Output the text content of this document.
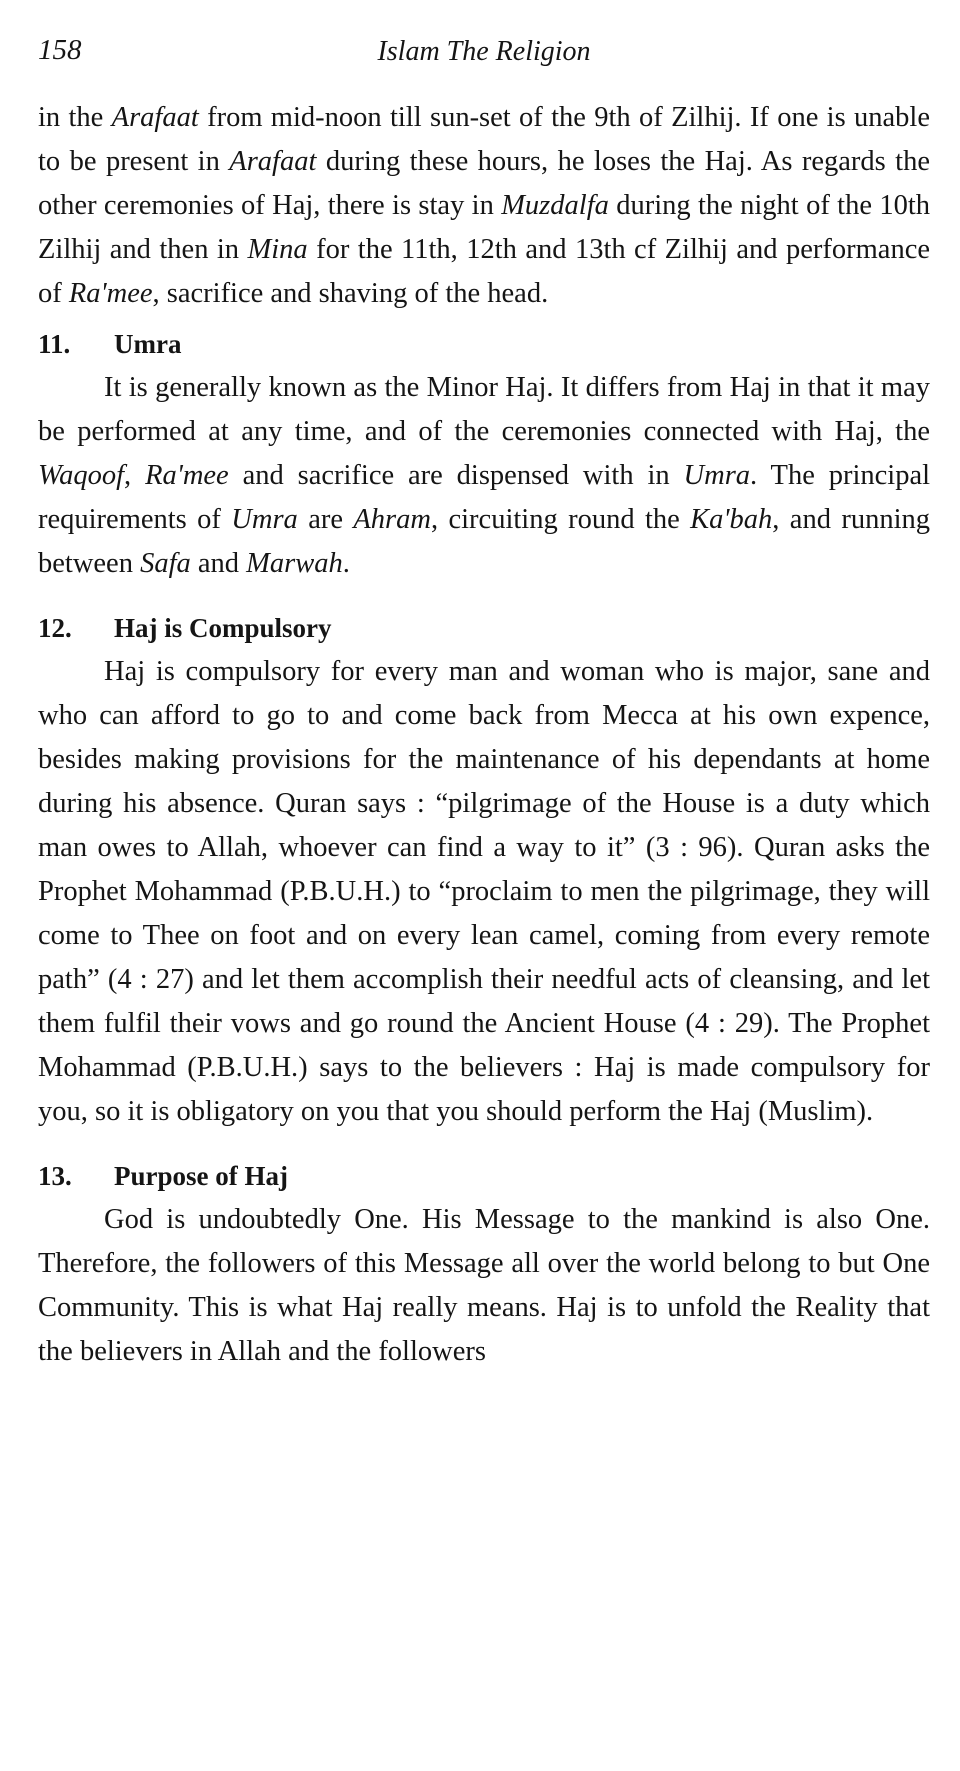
158	Islam The Religion

in the Arafaat from mid-noon till sun-set of the 9th of Zilhij. If one is unable to be present in Arafaat during these hours, he loses the Haj. As regards the other ceremonies of Haj, there is stay in Muzdalfa during the night of the 10th Zilhij and then in Mina for the 11th, 12th and 13th cf Zilhij and performance of Ra'mee, sacrifice and shaving of the head.

11. Umra

It is generally known as the Minor Haj. It differs from Haj in that it may be performed at any time, and of the ceremonies connected with Haj, the Waqoof, Ra'mee and sacrifice are dispensed with in Umra. The principal requirements of Umra are Ahram, circuiting round the Ka'bah, and running between Safa and Marwah.

12. Haj is Compulsory

Haj is compulsory for every man and woman who is major, sane and who can afford to go to and come back from Mecca at his own expence, besides making provisions for the maintenance of his dependants at home during his absence. Quran says : “pilgrimage of the House is a duty which man owes to Allah, whoever can find a way to it” (3 : 96). Quran asks the Prophet Mohammad (P.B.U.H.) to “proclaim to men the pilgrimage, they will come to Thee on foot and on every lean camel, coming from every remote path” (4 : 27) and let them accomplish their needful acts of cleansing, and let them fulfil their vows and go round the Ancient House (4 : 29). The Prophet Mohammad (P.B.U.H.) says to the believers : Haj is made compulsory for you, so it is obligatory on you that you should perform the Haj (Muslim).

13. Purpose of Haj

God is undoubtedly One. His Message to the mankind is also One. Therefore, the followers of this Message all over the world belong to but One Community. This is what Haj really means. Haj is to unfold the Reality that the believers in Allah and the followers
